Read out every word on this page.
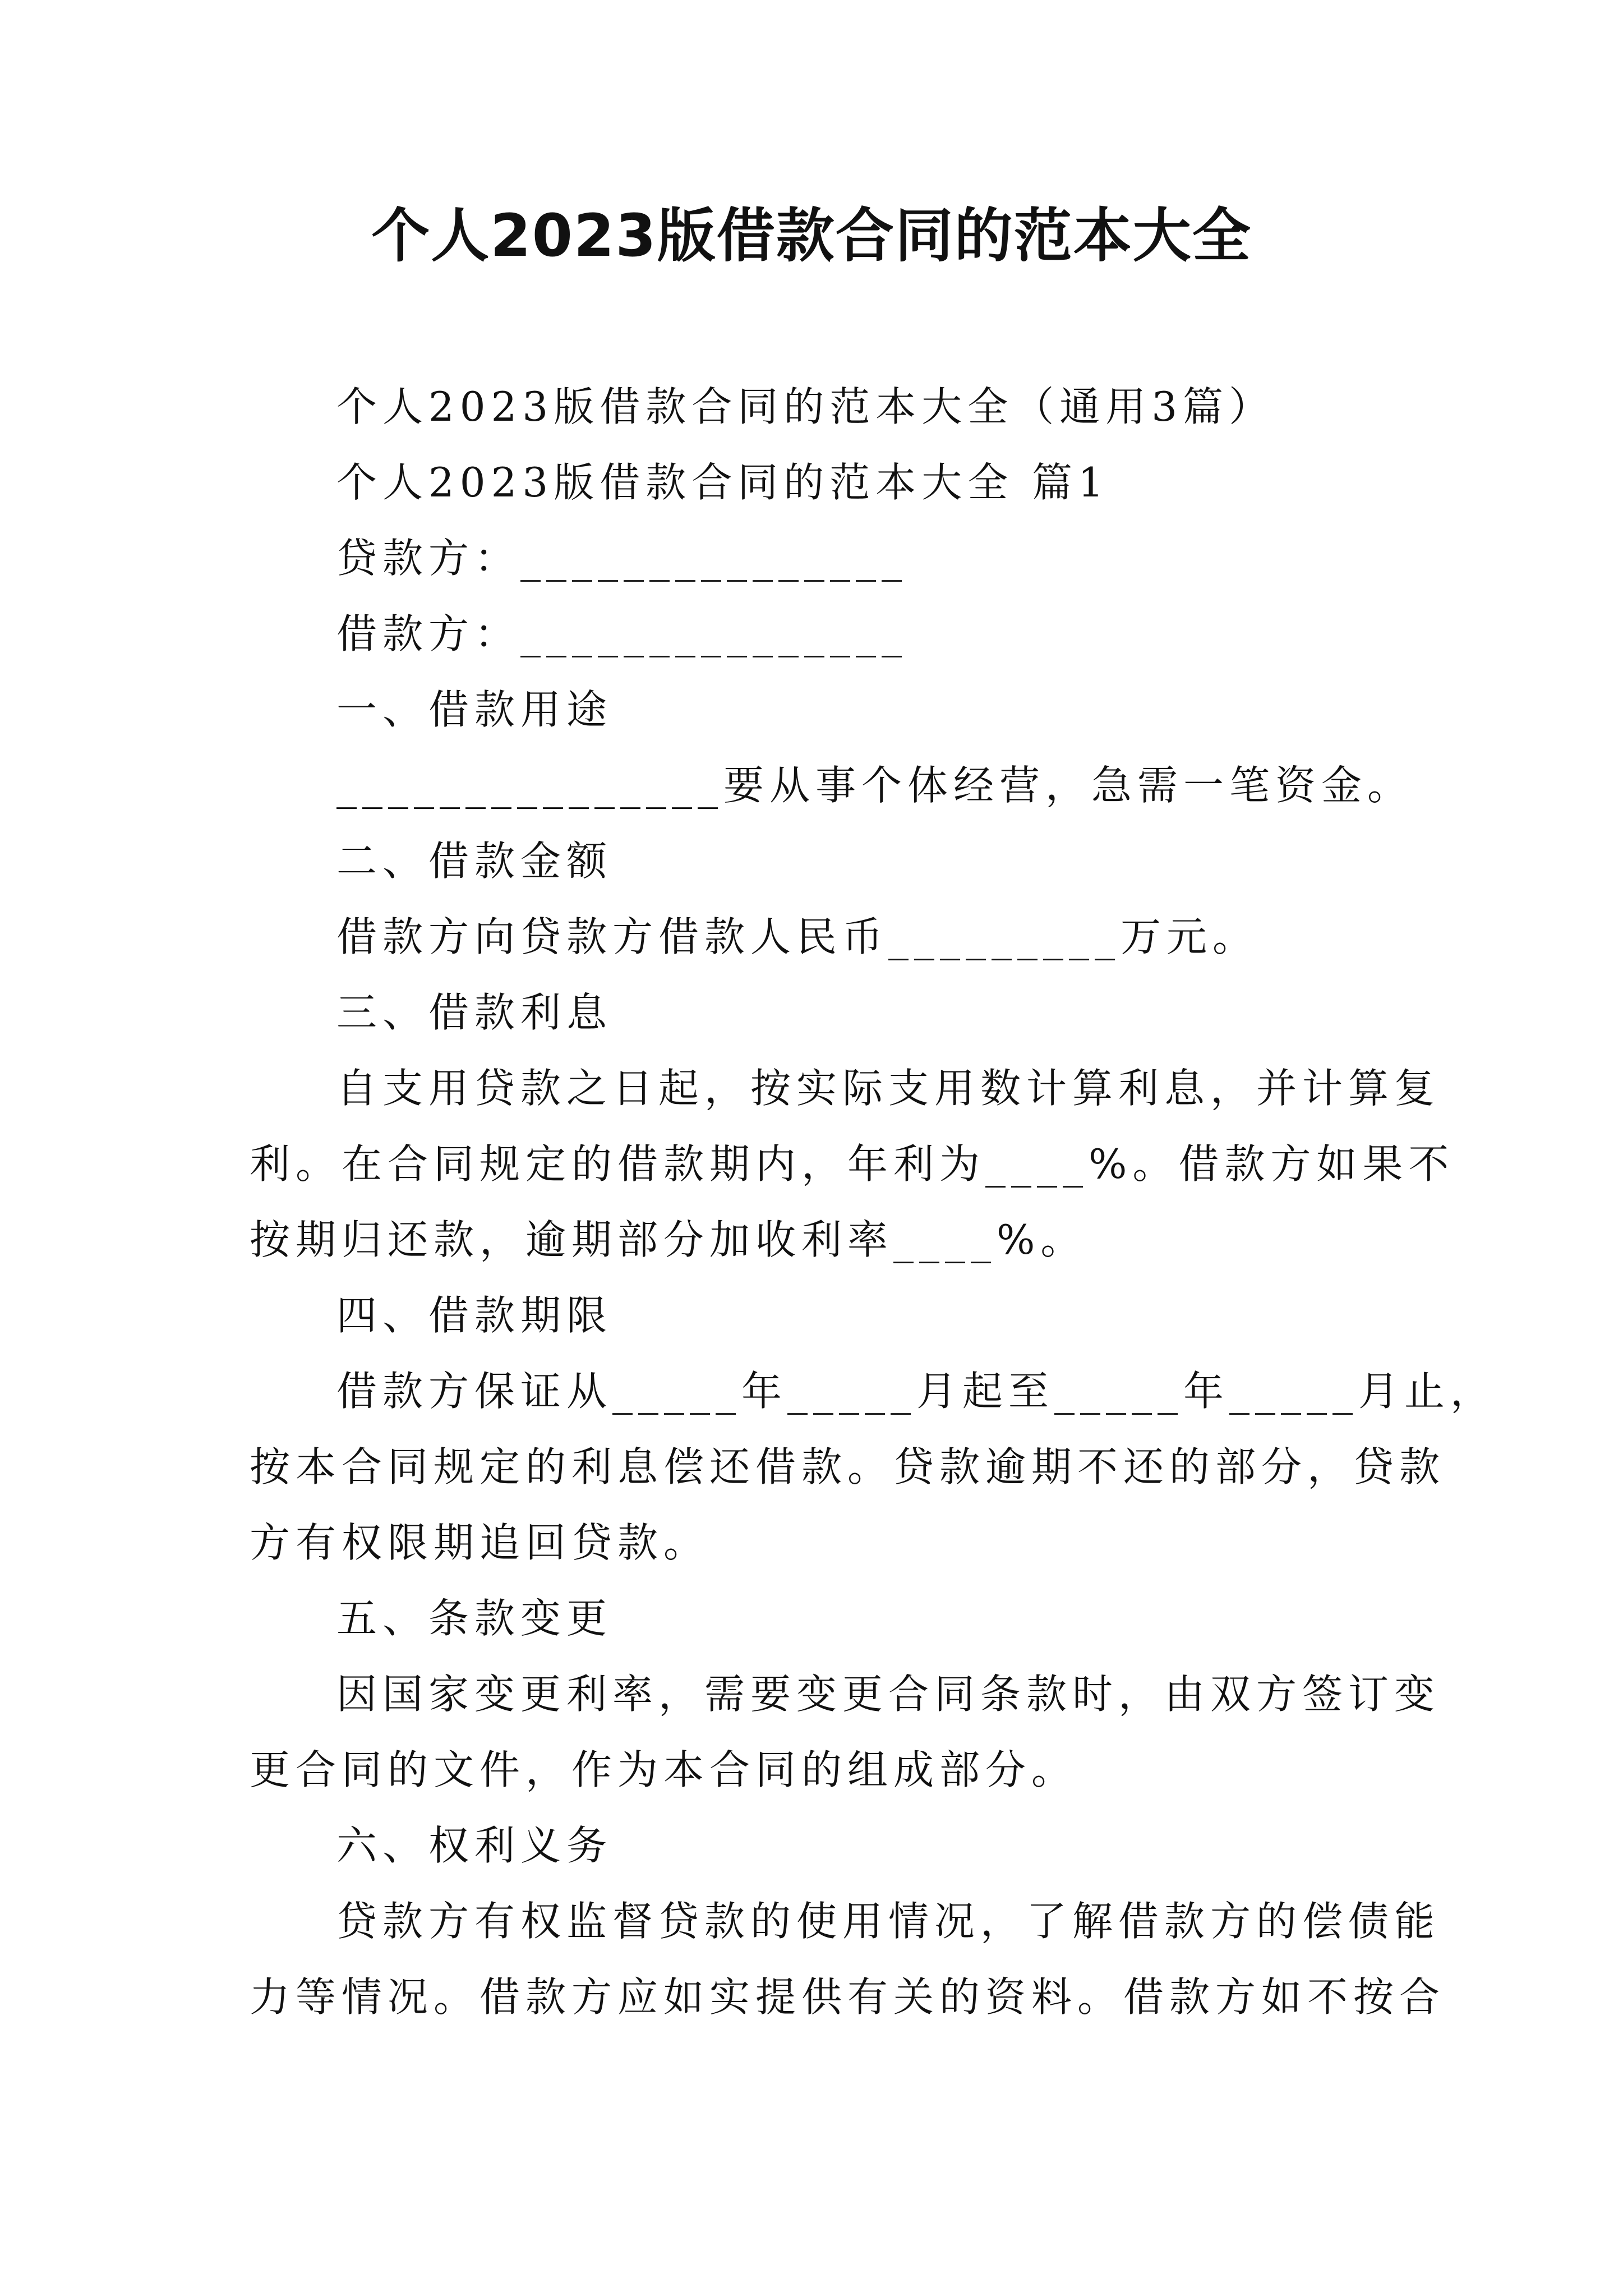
个人2023版借款合同的范本大全
个人2023版借款合同的范本大全（通用3篇）
个人2023版借款合同的范本大全 篇1
贷款方：_______________
借款方：_______________
一、借款用途
_______________要从事个体经营，急需一笔资金。
二、借款金额
借款方向贷款方借款人民币_________万元。
三、借款利息
自支用贷款之日起，按实际支用数计算利息，并计算复
利。在合同规定的借款期内，年利为____%。借款方如果不
按期归还款，逾期部分加收利率____%。
四、借款期限
借款方保证从_____年_____月起至_____年_____月止，
按本合同规定的利息偿还借款。贷款逾期不还的部分，贷款
方有权限期追回贷款。
五、条款变更
因国家变更利率，需要变更合同条款时，由双方签订变
更合同的文件，作为本合同的组成部分。
六、权利义务
贷款方有权监督贷款的使用情况，了解借款方的偿债能
力等情况。借款方应如实提供有关的资料。借款方如不按合
